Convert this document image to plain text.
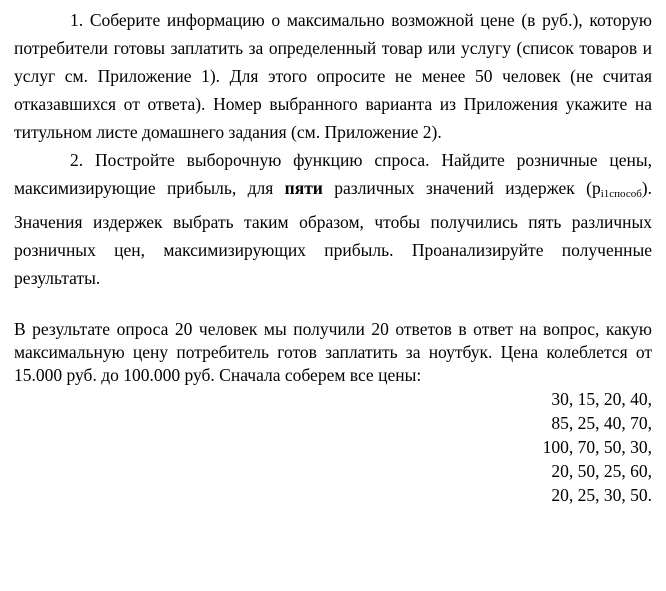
1. Соберите информацию о максимально возможной цене (в руб.), которую потребители готовы заплатить за определенный товар или услугу (список товаров и услуг см. Приложение 1). Для этого опросите не менее 50 человек (не считая отказавшихся от ответа). Номер выбранного варианта из Приложения укажите на титульном листе домашнего задания (см. Приложение 2).

2. Постройте выборочную функцию спроса. Найдите розничные цены, максимизирующие прибыль, для пяти различных значений издержек $(p_{i1способ})$. Значения издержек выбрать таким образом, чтобы получились пять различных розничных цен, максимизирующих прибыль. Проанализируйте полученные результаты.

В результате опроса 20 человек мы получили 20 ответов в ответ на вопрос, какую максимальную цену потребитель готов заплатить за ноутбук. Цена колеблется от 15.000 руб. до 100.000 руб. Сначала соберем все цены:

30, 15, 20, 40,
85, 25, 40, 70,
100, 70, 50, 30,
20, 50, 25, 60,
20, 25, 30, 50.
